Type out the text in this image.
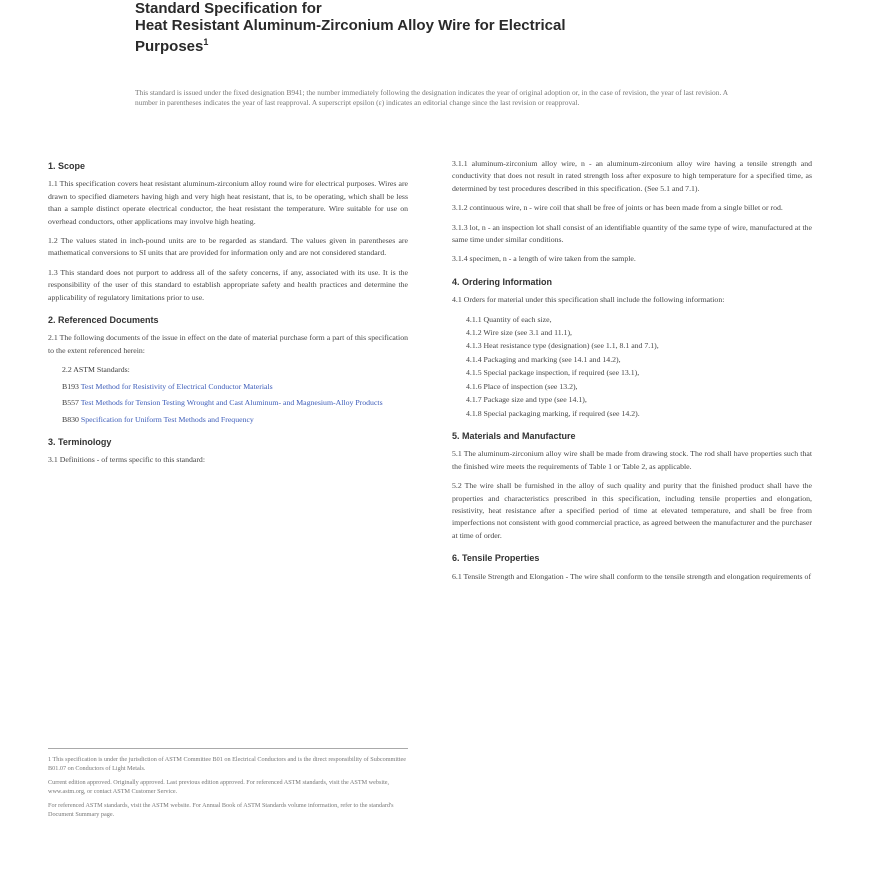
Standard Specification for
Heat Resistant Aluminum-Zirconium Alloy Wire for Electrical
Purposes$^1$
This standard is issued under the fixed designation B941; the number immediately following the designation indicates the year of original adoption or, in the case of revision, the year of last revision. A number in parentheses indicates the year of last reapproval. A superscript epsilon (ε) indicates an editorial change since the last revision or reapproval.
1. Scope

1.1 This specification covers heat resistant aluminum-zirconium alloy round wire for electrical purposes. Wires are drawn to specified diameters having high and very high heat resistant, that is, to be operating, which shall be less than a sample distinct operate electrical conductor, the heat resistant the temperature. Wire suitable for use on overhead conductors, other applications may involve high heating.

1.2 The values stated in inch-pound units are to be regarded as standard. The values given in parentheses are mathematical conversions to SI units that are provided for information only and are not considered standard.

1.3 This standard does not purport to address all of the safety concerns, if any, associated with its use. It is the responsibility of the user of this standard to establish appropriate safety and health practices and determine the applicability of regulatory limitations prior to use.

2. Referenced Documents

2.1 The following documents of the issue in effect on the date of material purchase form a part of this specification to the extent referenced herein:

2.2 ASTM Standards:
B193 Test Method for Resistivity of Electrical Conductor Materials
B557 Test Methods for Tension Testing Wrought and Cast Aluminum- and Magnesium-Alloy Products
B830 Specification for Uniform Test Methods and Frequency
3. Terminology

3.1 Definitions - of terms specific to this standard:

1 This specification is under the jurisdiction of ASTM Committee B01 on Electrical Conductors and is the direct responsibility of Subcommittee B01.07 on Conductors of Light Metals.

Current edition approved. Originally approved. Last previous edition approved. For referenced ASTM standards, visit the ASTM website, www.astm.org, or contact ASTM Customer Service.

For referenced ASTM standards, visit the ASTM website. For Annual Book of ASTM Standards volume information, refer to the standard's Document Summary page.

3.1.1 aluminum-zirconium alloy wire, n - an aluminum-zirconium alloy wire having a tensile strength and conductivity that does not result in rated strength loss after exposure to high temperature for a specified time, as determined by test procedures described in this specification. (See 5.1 and 7.1).

3.1.2 continuous wire, n - wire coil that shall be free of joints or has been made from a single billet or rod.

3.1.3 lot, n - an inspection lot shall consist of an identifiable quantity of the same type of wire, manufactured at the same time under similar conditions.

3.1.4 specimen, n - a length of wire taken from the sample.

4. Ordering Information

4.1 Orders for material under this specification shall include the following information:

4.1.1 Quantity of each size,
4.1.2 Wire size (see 3.1 and 11.1),
4.1.3 Heat resistance type (designation) (see 1.1, 8.1 and 7.1),
4.1.4 Packaging and marking (see 14.1 and 14.2),
4.1.5 Special package inspection, if required (see 13.1),
4.1.6 Place of inspection (see 13.2),
4.1.7 Package size and type (see 14.1),
4.1.8 Special packaging marking, if required (see 14.2).
5. Materials and Manufacture

5.1 The aluminum-zirconium alloy wire shall be made from drawing stock. The rod shall have properties such that the finished wire meets the requirements of Table 1 or Table 2, as applicable.

5.2 The wire shall be furnished in the alloy of such quality and purity that the finished product shall have the properties and characteristics prescribed in this specification, including tensile properties and elongation, resistivity, heat resistance after a specified period of time at elevated temperature, and shall be free from imperfections not consistent with good commercial practice, as agreed between the manufacturer and the purchaser at time of order.

6. Tensile Properties

6.1 Tensile Strength and Elongation - The wire shall conform to the tensile strength and elongation requirements of
